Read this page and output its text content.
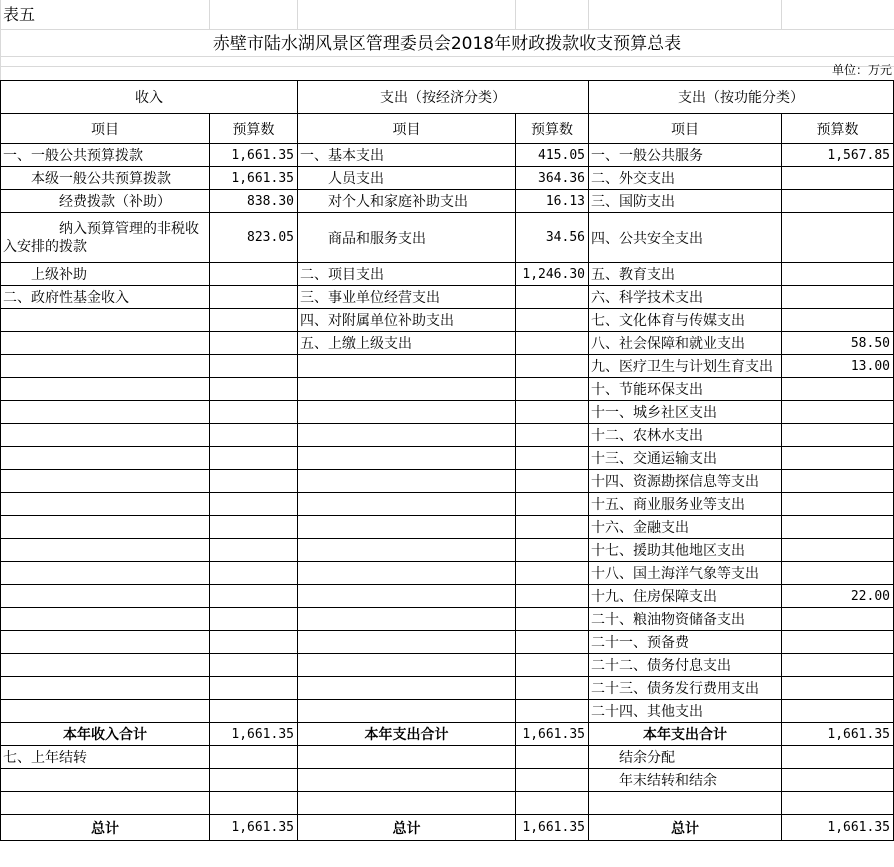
表五
赤壁市陆水湖风景区管理委员会2018年财政拨款收支预算总表
单位：万元
收入		支出（按经济分类）		支出（按功能分类）	
项目	预算数	项目	预算数	项目	预算数
一、一般公共预算拨款	1,661.35	一、基本支出	415.05	一、一般公共服务	1,567.85
　　本级一般公共预算拨款	1,661.35	　　人员支出	364.36	二、外交支出	
　　　　经费拨款（补助）	838.30	　　对个人和家庭补助支出	16.13	三、国防支出	
　　　　纳入预算管理的非税收入安排的拨款	823.05	　　商品和服务支出	34.56	四、公共安全支出	
　　上级补助		二、项目支出	1,246.30	五、教育支出	
二、政府性基金收入		三、事业单位经营支出		六、科学技术支出	
		四、对附属单位补助支出		七、文化体育与传媒支出	
		五、上缴上级支出		八、社会保障和就业支出	58.50
				九、医疗卫生与计划生育支出	13.00
				十、节能环保支出	
				十一、城乡社区支出	
				十二、农林水支出	
				十三、交通运输支出	
				十四、资源勘探信息等支出	
				十五、商业服务业等支出	
				十六、金融支出	
				十七、援助其他地区支出	
				十八、国土海洋气象等支出	
				十九、住房保障支出	22.00
				二十、粮油物资储备支出	
				二十一、预备费	
				二十二、债务付息支出	
				二十三、债务发行费用支出	
				二十四、其他支出	
本年收入合计	1,661.35	本年支出合计	1,661.35	本年支出合计	1,661.35
七、上年结转				　　结余分配	
				　　年末结转和结余	

总计	1,661.35	总计	1,661.35	总计	1,661.35
